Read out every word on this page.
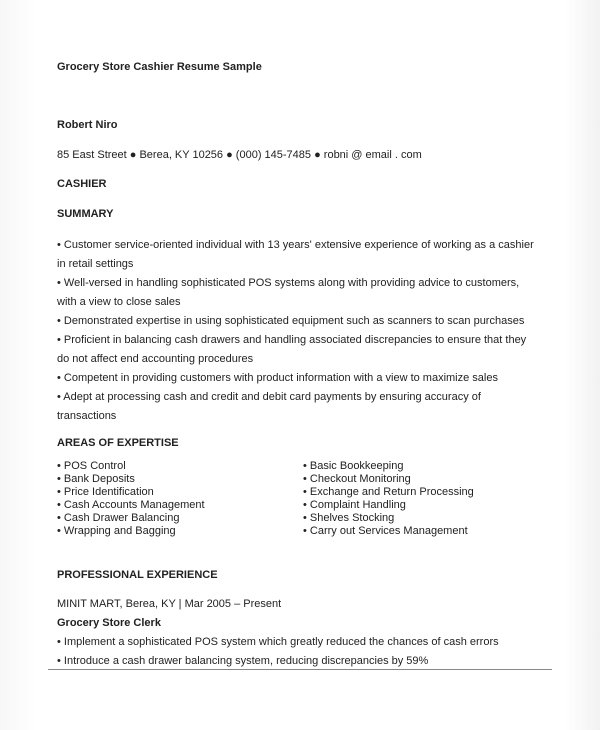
Grocery Store Cashier Resume Sample
Robert Niro
85 East Street ● Berea, KY 10256 ● (000) 145-7485 ● robni @ email . com
CASHIER
SUMMARY
• Customer service-oriented individual with 13 years' extensive experience of working as a cashier
in retail settings
• Well-versed in handling sophisticated POS systems along with providing advice to customers,
with a view to close sales
• Demonstrated expertise in using sophisticated equipment such as scanners to scan purchases
• Proficient in balancing cash drawers and handling associated discrepancies to ensure that they
do not affect end accounting procedures
• Competent in providing customers with product information with a view to maximize sales
• Adept at processing cash and credit and debit card payments by ensuring accuracy of
transactions
AREAS OF EXPERTISE
• POS Control
• Bank Deposits
• Price Identification
• Cash Accounts Management
• Cash Drawer Balancing
• Wrapping and Bagging
• Basic Bookkeeping
• Checkout Monitoring
• Exchange and Return Processing
• Complaint Handling
• Shelves Stocking
• Carry out Services Management
PROFESSIONAL EXPERIENCE
MINIT MART, Berea, KY | Mar 2005 – Present
Grocery Store Clerk
• Implement a sophisticated POS system which greatly reduced the chances of cash errors
• Introduce a cash drawer balancing system, reducing discrepancies by 59%
